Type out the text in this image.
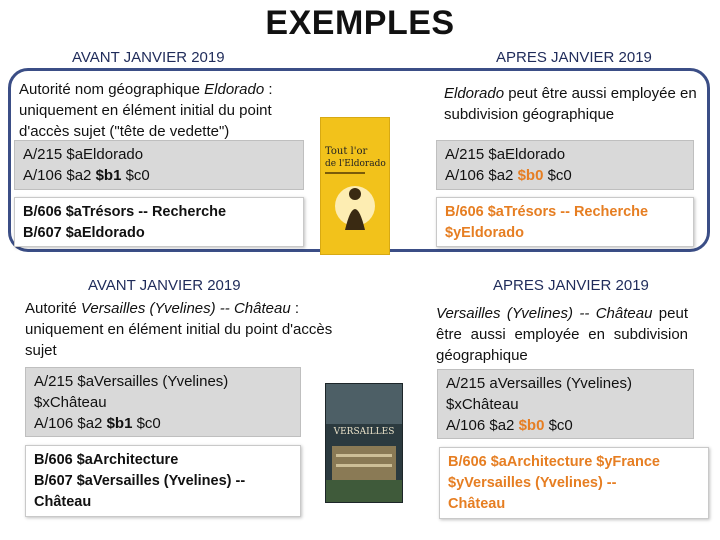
EXEMPLES
AVANT JANVIER 2019	APRES JANVIER 2019
Autorité nom géographique Eldorado : uniquement en élément initial du point d'accès sujet ("tête de vedette")
A/215 $aEldorado
A/106 $a2 $b1 $c0
B/606 $aTrésors -- Recherche
B/607 $aEldorado
Tout l'or
de l'Eldorado
Eldorado peut être aussi employée en subdivision géographique
A/215 $aEldorado
A/106 $a2 $b0 $c0
B/606 $aTrésors -- Recherche
$yEldorado
AVANT JANVIER 2019	APRES JANVIER 2019
Autorité Versailles (Yvelines) -- Château : uniquement en élément initial du point d'accès sujet
A/215 $aVersailles (Yvelines)
$xChâteau
A/106 $a2 $b1 $c0
B/606 $aArchitecture
B/607 $aVersailles (Yvelines) --
Château
VERSAILLES
Versailles (Yvelines) -- Château peut être aussi employée en subdivision géographique
A/215 aVersailles (Yvelines)
$xChâteau
A/106 $a2 $b0 $c0
B/606 $aArchitecture $yFrance
$yVersailles (Yvelines) --
Château
